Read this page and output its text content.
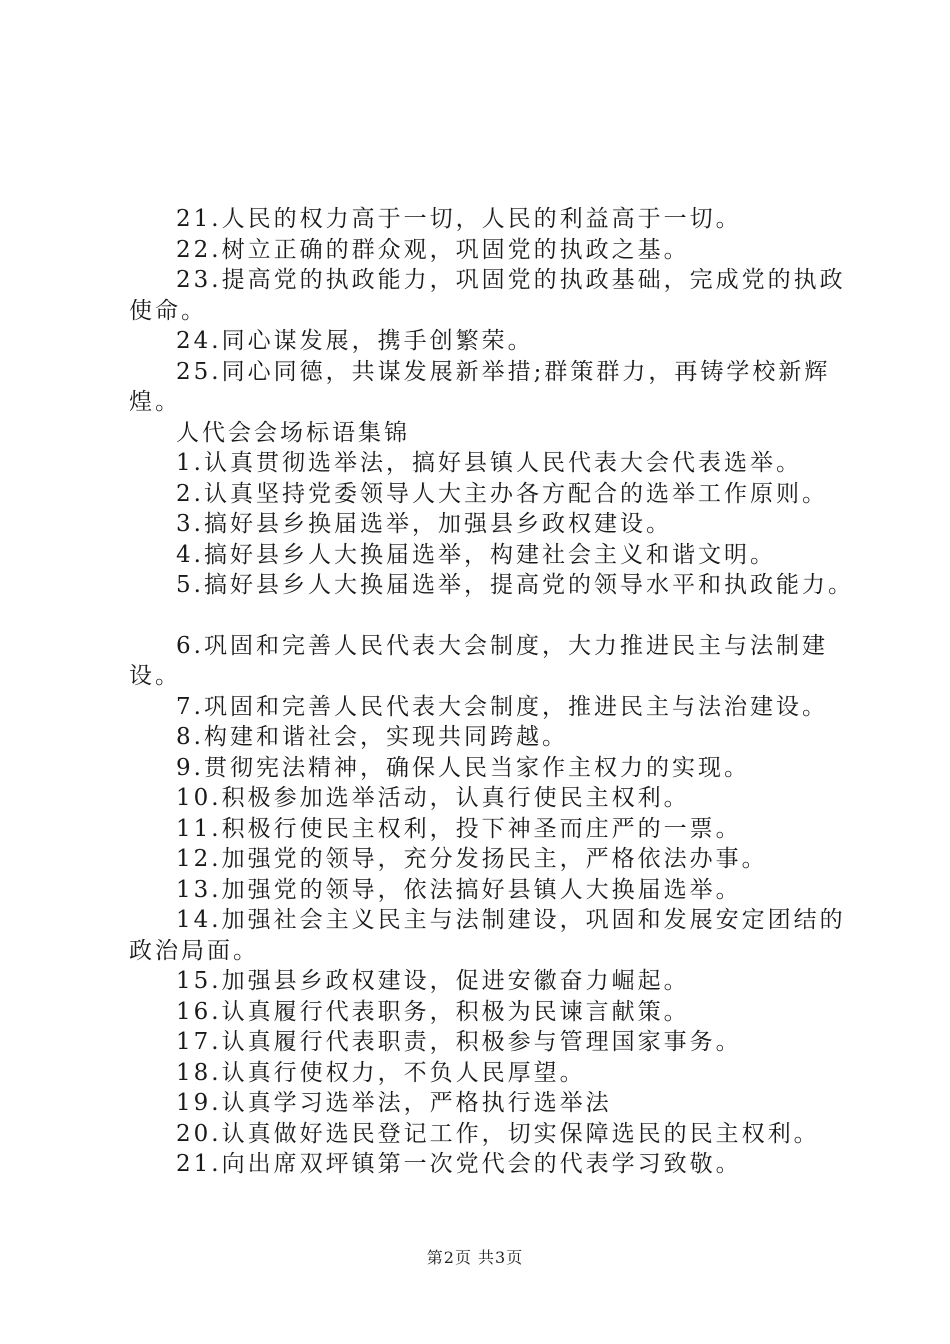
21.人民的权力高于一切，人民的利益高于一切。

22.树立正确的群众观，巩固党的执政之基。

23.提高党的执政能力，巩固党的执政基础，完成党的执政

使命。

24.同心谋发展，携手创繁荣。

25.同心同德，共谋发展新举措;群策群力，再铸学校新辉

煌。

人代会会场标语集锦

1.认真贯彻选举法，搞好县镇人民代表大会代表选举。

2.认真坚持党委领导人大主办各方配合的选举工作原则。

3.搞好县乡换届选举，加强县乡政权建设。

4.搞好县乡人大换届选举，构建社会主义和谐文明。

5.搞好县乡人大换届选举，提高党的领导水平和执政能力。

6.巩固和完善人民代表大会制度，大力推进民主与法制建

设。

7.巩固和完善人民代表大会制度，推进民主与法治建设。

8.构建和谐社会，实现共同跨越。

9.贯彻宪法精神，确保人民当家作主权力的实现。

10.积极参加选举活动，认真行使民主权利。

11.积极行使民主权利，投下神圣而庄严的一票。

12.加强党的领导，充分发扬民主，严格依法办事。

13.加强党的领导，依法搞好县镇人大换届选举。

14.加强社会主义民主与法制建设，巩固和发展安定团结的

政治局面。

15.加强县乡政权建设，促进安徽奋力崛起。

16.认真履行代表职务，积极为民谏言献策。

17.认真履行代表职责，积极参与管理国家事务。

18.认真行使权力，不负人民厚望。

19.认真学习选举法，严格执行选举法

20.认真做好选民登记工作，切实保障选民的民主权利。

21.向出席双坪镇第一次党代会的代表学习致敬。

第2页 共3页
